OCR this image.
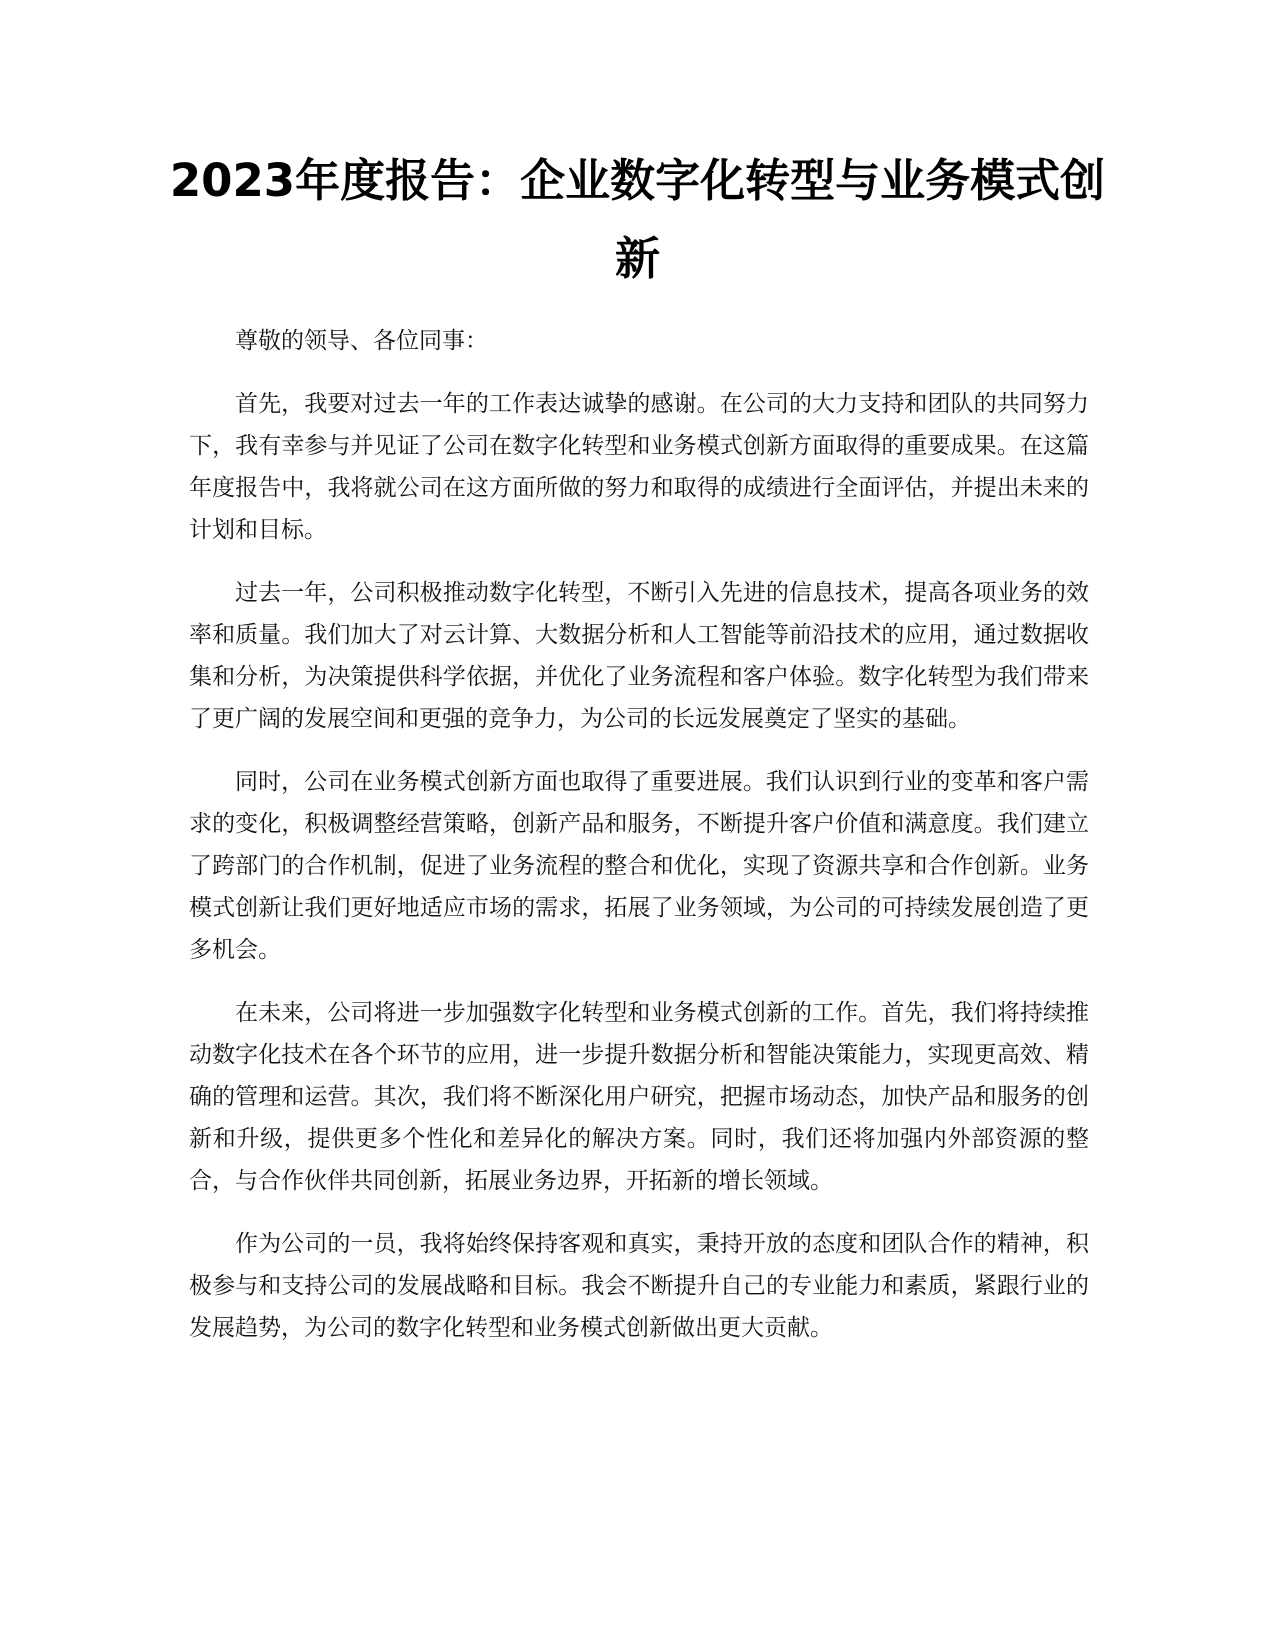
2023年度报告：企业数字化转型与业务模式创新

尊敬的领导、各位同事：

首先，我要对过去一年的工作表达诚挚的感谢。在公司的大力支持和团队的共同努力下，我有幸参与并见证了公司在数字化转型和业务模式创新方面取得的重要成果。在这篇年度报告中，我将就公司在这方面所做的努力和取得的成绩进行全面评估，并提出未来的计划和目标。

过去一年，公司积极推动数字化转型，不断引入先进的信息技术，提高各项业务的效率和质量。我们加大了对云计算、大数据分析和人工智能等前沿技术的应用，通过数据收集和分析，为决策提供科学依据，并优化了业务流程和客户体验。数字化转型为我们带来了更广阔的发展空间和更强的竞争力，为公司的长远发展奠定了坚实的基础。

同时，公司在业务模式创新方面也取得了重要进展。我们认识到行业的变革和客户需求的变化，积极调整经营策略，创新产品和服务，不断提升客户价值和满意度。我们建立了跨部门的合作机制，促进了业务流程的整合和优化，实现了资源共享和合作创新。业务模式创新让我们更好地适应市场的需求，拓展了业务领域，为公司的可持续发展创造了更多机会。

在未来，公司将进一步加强数字化转型和业务模式创新的工作。首先，我们将持续推动数字化技术在各个环节的应用，进一步提升数据分析和智能决策能力，实现更高效、精确的管理和运营。其次，我们将不断深化用户研究，把握市场动态，加快产品和服务的创新和升级，提供更多个性化和差异化的解决方案。同时，我们还将加强内外部资源的整合，与合作伙伴共同创新，拓展业务边界，开拓新的增长领域。

作为公司的一员，我将始终保持客观和真实，秉持开放的态度和团队合作的精神，积极参与和支持公司的发展战略和目标。我会不断提升自己的专业能力和素质，紧跟行业的发展趋势，为公司的数字化转型和业务模式创新做出更大贡献。
